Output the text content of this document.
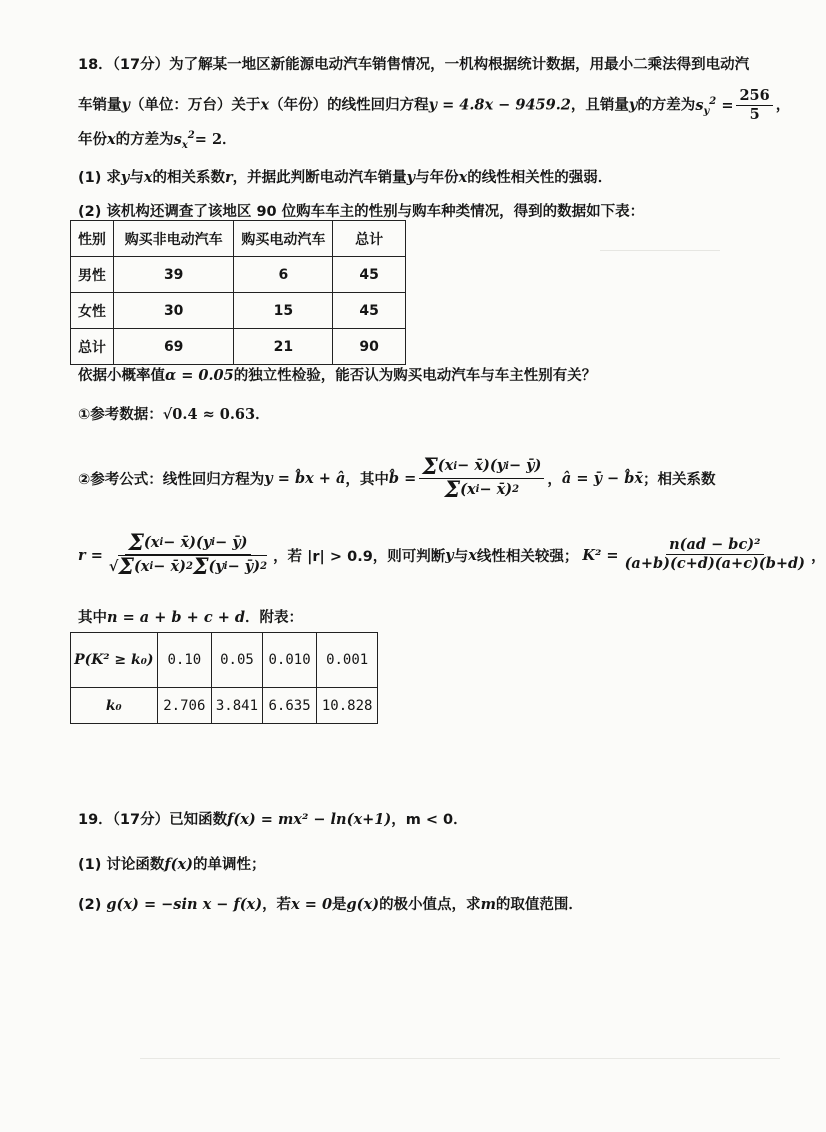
18．（17分）为了解某一地区新能源电动汽车销售情况，一机构根据统计数据，用最小二乘法得到电动汽
车销量y（单位：万台）关于x（年份）的线性回归方程y = 4.8x − 9459.2，且销量y的方差为$s_y^2 = \frac{256}{5}$ ，
年份x的方差为$s_x^2= 2$．
(1) 求y与x的相关系数r，并据此判断电动汽车销量y与年份x的线性相关性的强弱．
(2) 该机构还调查了该地区 90 位购车车主的性别与购车种类情况，得到的数据如下表：
性别	购买非电动汽车	购买电动汽车	总计
男性	39	6	45
女性	30	15	45
总计	69	21	90
依据小概率值α = 0.05的独立性检验，能否认为购买电动汽车与车主性别有关？
①参考数据：√0.4 ≈ 0.63．
②参考公式：线性回归方程为 y = b̂x + â ，其中 b̂ = $\frac{\text{Σ (x i − x̄)(y i − ȳ)}}{\text{Σ (x i − x̄) 2}}$ ， â = ȳ − b̂x̄ ；相关系数
$r = \frac{\text{Σ (x i − x̄)(y i − ȳ)}}{\text{√ Σ (x i − x̄) 2 Σ (y i − ȳ) 2}}$ ，若 |r| > 0.9，则可判断 y 与 x 线性相关较强； $K^2 = \frac{\text{n(ad − bc)²}}{(a+b)(c+d)(a+c)(b+d)}$ ，
其中n = a + b + c + d．附表：
P(K² ≥ k₀)	0.10	0.05	0.010	0.001
k₀	2.706	3.841	6.635	10.828
19．（17分）已知函数f(x) = mx² − ln(x+1)，m < 0．
(1) 讨论函数f(x)的单调性；
(2) g(x) = −sin x − f(x)，若x = 0是g(x)的极小值点，求m的取值范围．
